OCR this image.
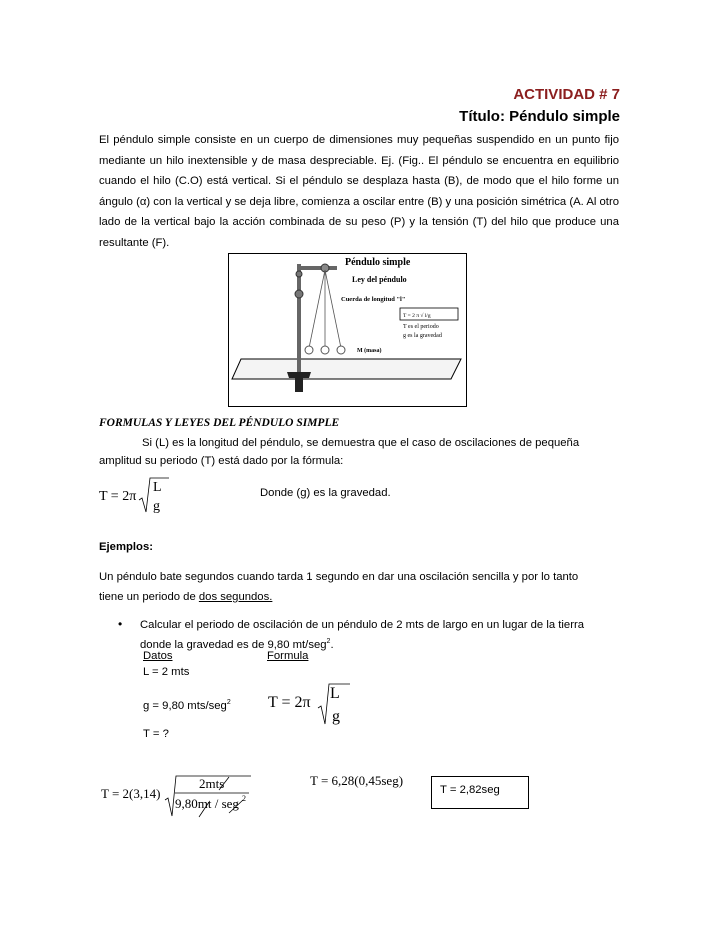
ACTIVIDAD # 7
Título: Péndulo simple
El péndulo simple consiste en un cuerpo de dimensiones muy pequeñas suspendido en un punto fijo mediante un hilo inextensible y de masa despreciable. Ej. (Fig.. El péndulo se encuentra en equilibrio cuando el hilo (C.O) está vertical. Si el péndulo se desplaza hasta (B), de modo que el hilo forme un ángulo (α) con la vertical y se deja libre, comienza a oscilar entre (B) y una posición simétrica (A. Al otro lado de la vertical bajo la acción combinada de su peso (P) y la tensión (T) del hilo que produce una resultante (F).
Péndulo simple
Ley del péndulo
Cuerda de longitud "l"
T = 2 π √ l/g
T es el periodo
g es la gravedad
M (masa)
FORMULAS Y LEYES DEL PÉNDULO SIMPLE
Si (L) es la longitud del péndulo, se demuestra que el caso de oscilaciones de pequeña
amplitud su periodo (T) está dado por la fórmula:
T = 2π
L
g
Donde (g) es la gravedad.
Ejemplos:
Un péndulo bate segundos cuando tarda 1 segundo en dar una oscilación sencilla y por lo tanto
tiene un periodo de dos segundos.
• Calcular el periodo de oscilación de un péndulo de 2 mts de largo en un lugar de la tierra
donde la gravedad es de 9,80 mt/seg$^2$.
Datos	Formula
L = 2 mts
g = 9,80 mts/seg$^2$
T = ?
T = 2π
L
g
T = 2(3,14)
2mts
9,80mt / seg 2
T = 6,28(0,45seg)
T = 2,82seg
